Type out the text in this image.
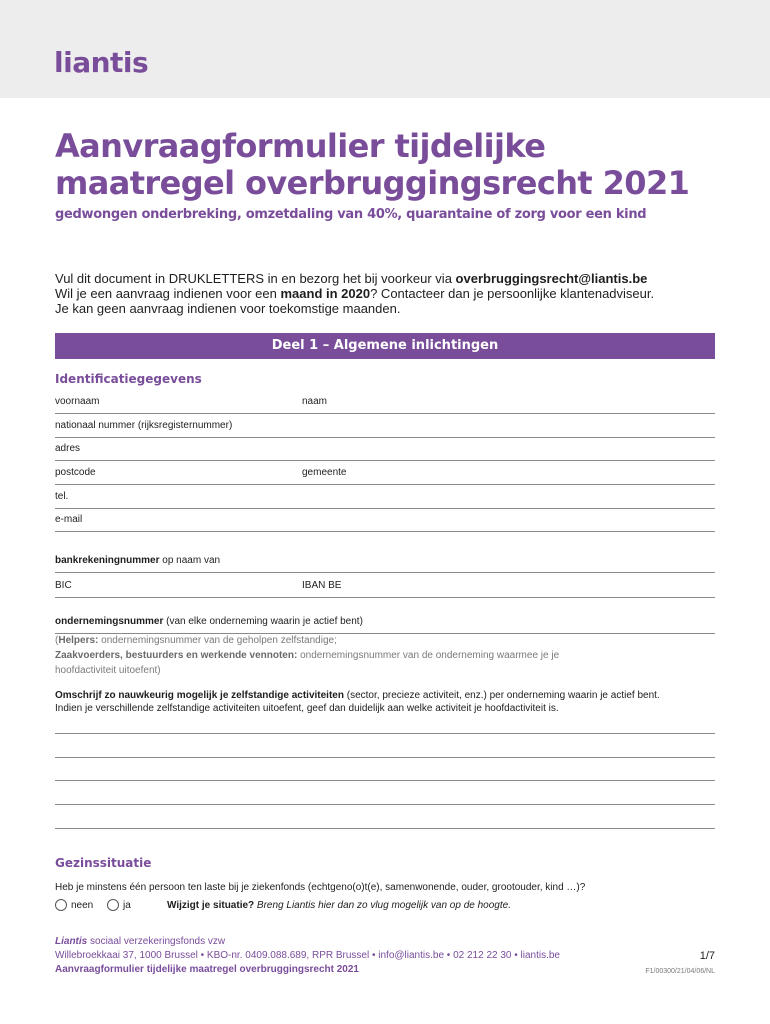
liantis
Aanvraagformulier tijdelijke maatregel overbruggingsrecht 2021
gedwongen onderbreking, omzetdaling van 40%, quarantaine of zorg voor een kind
Vul dit document in DRUKLETTERS in en bezorg het bij voorkeur via overbruggingsrecht@liantis.be
Wil je een aanvraag indienen voor een maand in 2020? Contacteer dan je persoonlijke klantenadviseur.
Je kan geen aanvraag indienen voor toekomstige maanden.
Deel 1 – Algemene inlichtingen
Identificatiegegevens
voornaam	naam
nationaal nummer (rijksregisternummer)
adres
postcode	gemeente
tel.
e-mail
bankrekeningnummer op naam van
BIC	IBAN BE
ondernemingsnummer (van elke onderneming waarin je actief bent)
(Helpers: ondernemingsnummer van de geholpen zelfstandige;
Zaakvoerders, bestuurders en werkende vennoten: ondernemingsnummer van de onderneming waarmee je je hoofdactiviteit uitoefent)
Omschrijf zo nauwkeurig mogelijk je zelfstandige activiteiten (sector, precieze activiteit, enz.) per onderneming waarin je actief bent.
Indien je verschillende zelfstandige activiteiten uitoefent, geef dan duidelijk aan welke activiteit je hoofdactiviteit is.
Gezinssituatie
Heb je minstens één persoon ten laste bij je ziekenfonds (echtgeno(o)t(e), samenwonende, ouder, grootouder, kind …)?
neen	ja	Wijzigt je situatie? Breng Liantis hier dan zo vlug mogelijk van op de hoogte.
Liantis sociaal verzekeringsfonds vzw
Willebroekkaai 37, 1000 Brussel • KBO-nr. 0409.088.689, RPR Brussel • info@liantis.be • 02 212 22 30 • liantis.be
Aanvraagformulier tijdelijke maatregel overbruggingsrecht 2021
1/7
F1/00300/21/04/06/NL
